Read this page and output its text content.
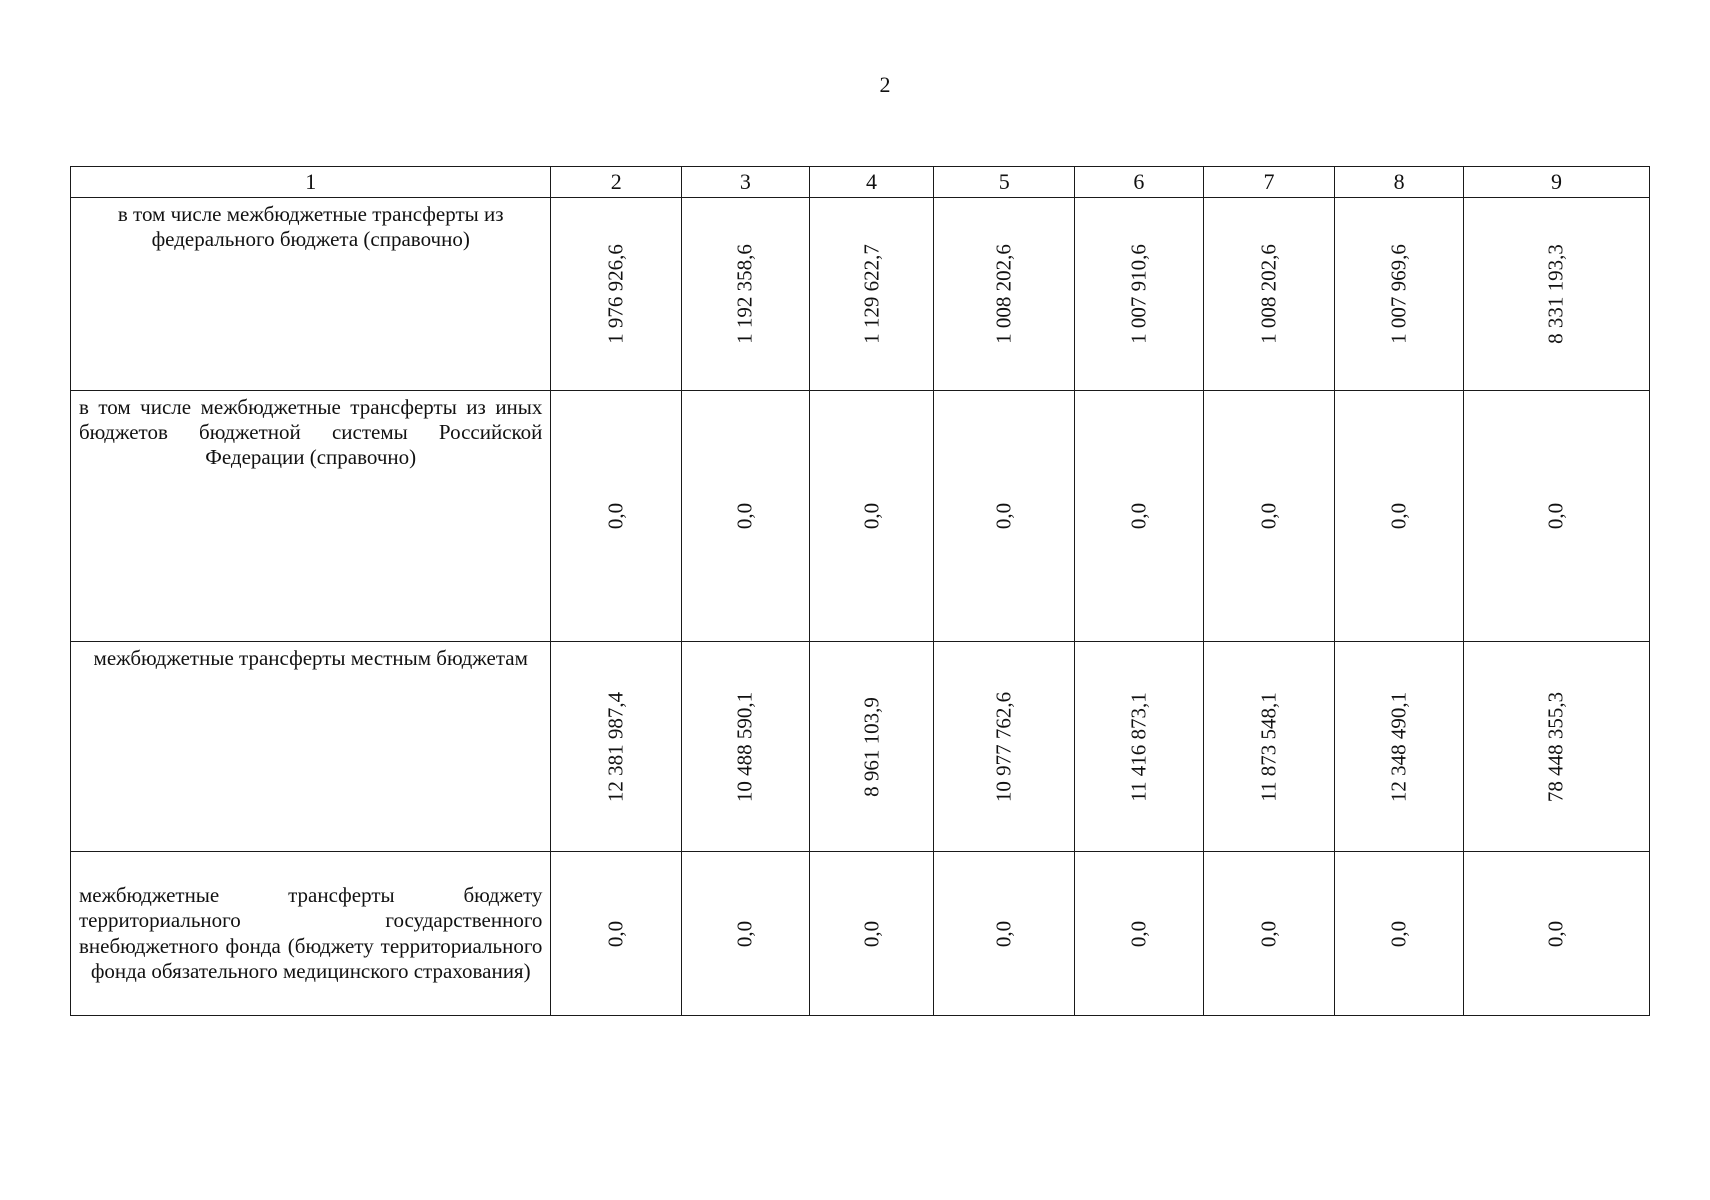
2
1	2	3	4	5	6	7	8	9
в том числе межбюджетные трансферты из федерального бюджета (справочно)	1 976 926,6	1 192 358,6	1 129 622,7	1 008 202,6	1 007 910,6	1 008 202,6	1 007 969,6	8 331 193,3

в том числе межбюджетные трансферты из иных бюджетов бюджетной системы Российской Федерации (справочно)	0,0	0,0	0,0	0,0	0,0	0,0	0,0	0,0

межбюджетные трансферты местным бюджетам	12 381 987,4	10 488 590,1	8 961 103,9	10 977 762,6	11 416 873,1	11 873 548,1	12 348 490,1	78 448 355,3

межбюджетные трансферты бюджету территориального государственного внебюджетного фонда (бюджету территориального фонда обязательного медицинского страхования)	0,0	0,0	0,0	0,0	0,0	0,0	0,0	0,0
